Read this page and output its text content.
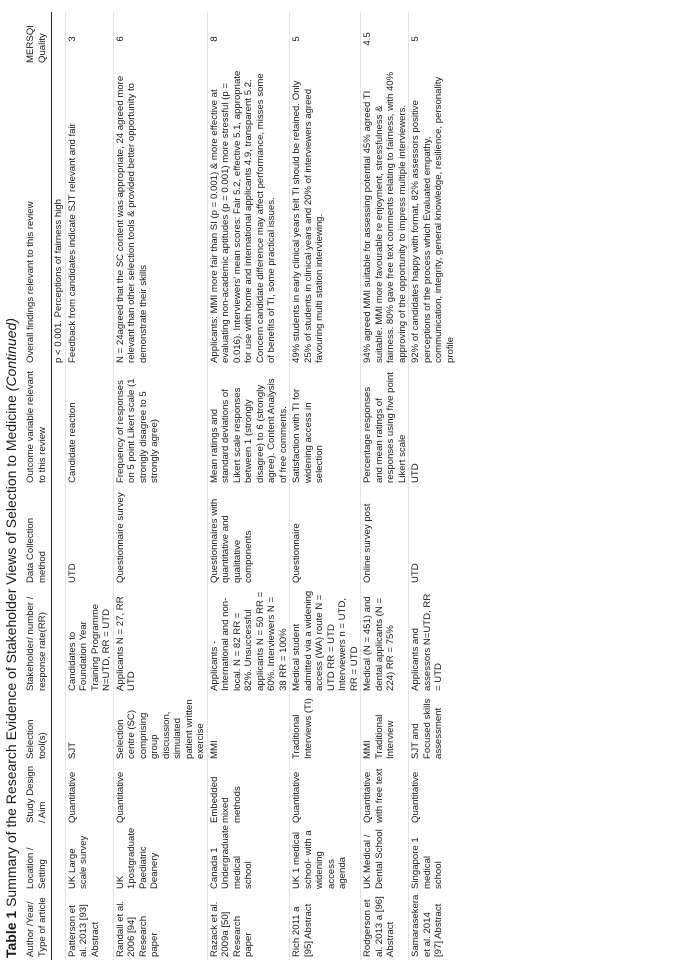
Table 1 Summary of the Research Evidence of Stakeholder Views of Selection to Medicine (Continued)
Author /Year/ Type of article	Location / Setting	Study Design / Aim	Selection tool(s)	Stakeholder/ number / response rate(RR)	Data Collection method	Outcome variable relevant to this review	Overall findings relevant to this review	MERSQI Quality
							p < 0.001. Perceptions of fairness high	
Patterson et al. 2013 [93] Abstract	UK Large scale survey	Quantitative	SJT	Candidates to Foundation Year Training Programme N=UTD, RR = UTD	UTD	Candidate reaction	Feedback from candidates indicate SJT relevant and fair	3
Randall et al. 2006 [94] Research paper	UK 1postgraduate Paediatric Deanery	Quantitative	Selection centre (SC) comprising group discussion, simulated patient written exercise	Applicants N = 27, RR UTD	Questionnaire survey	Frequency of responses on 5 point Likert scale (1 strongly disagree to 5 strongly agree)	N = 24agreed that the SC content was appropriate, 24 agreed more relevant than other selection tools & provided better opportunity to demonstrate their skills	6
Razack et al. 2009a [50] Research paper	Canada 1 Undergraduate medical school	Embedded mixed methods	MMI	Applicants -International and non-local. N = 82 RR = 82%. Unsuccessful applicants N = 50 RR = 60%. Interviewers N = 38 RR = 100%	Questionnaires with quantitative and qualitative components	Mean ratings and standard deviations of Likert scale responses between 1 (strongly disagree) to 6 (strongly agree). Content Analysis of free comments.	Applicants: MMI more fair than SI (p = 0.001) & more effective at evaluating non-academic aptitudes (p = 0.001) more stressful (p = 0.016). Interviewers' mean scores: Fair 5.2, effective 5.1, appropriate for use with home and international applicants 4.9, transparent 5.2. Concern candidate difference may affect performance, misses some of benefits of TI, some practical issues.	8
Rich 2011 a [95] Abstract	UK 1 medical school- with a widening access agenda	Quantitative	Traditional Interviews (TI)	Medical student admitted via a widening access (WA) route N = UTD RR = UTD Interviewers n = UTD, RR = UTD	Questionnaire	Satisfaction with TI for widening access in selection	49% students in early clinical years felt TI should be retained. Only 25% of students in clinical years and 20% of interviewers agreed favouring multi station interviewing.	5
Rodgerson et al. 2013 a [96] Abstract	UK Medical / Dental School	Quantitative with free text	MMI Traditional Interview	Medical (N = 451) and dental applicants (N = 224) RR = 75%	Online survey post	Percentage responses and mean ratings of responses using five point Likert scale	94% agreed MMI suitable for assessing potential 45% agreed TI suitable. MMI more favourable re enjoyment, stressfulness & fairness. 80% gave free text comments relating to fairness, with 40% approving of the opportunity to impress multiple interviewers.	4.5
Samarasekera et al. 2014 [97] Abstract	Singapore 1 medical school	Quantitative	SJT and Focused skills assessment	Applicants and assessors N=UTD, RR = UTD	UTD	UTD	92% of candidates happy with format, 82% assessors positive perceptions of the process which Evaluated empathy, communication, integrity, general knowledge, resilience, personality profile	5
